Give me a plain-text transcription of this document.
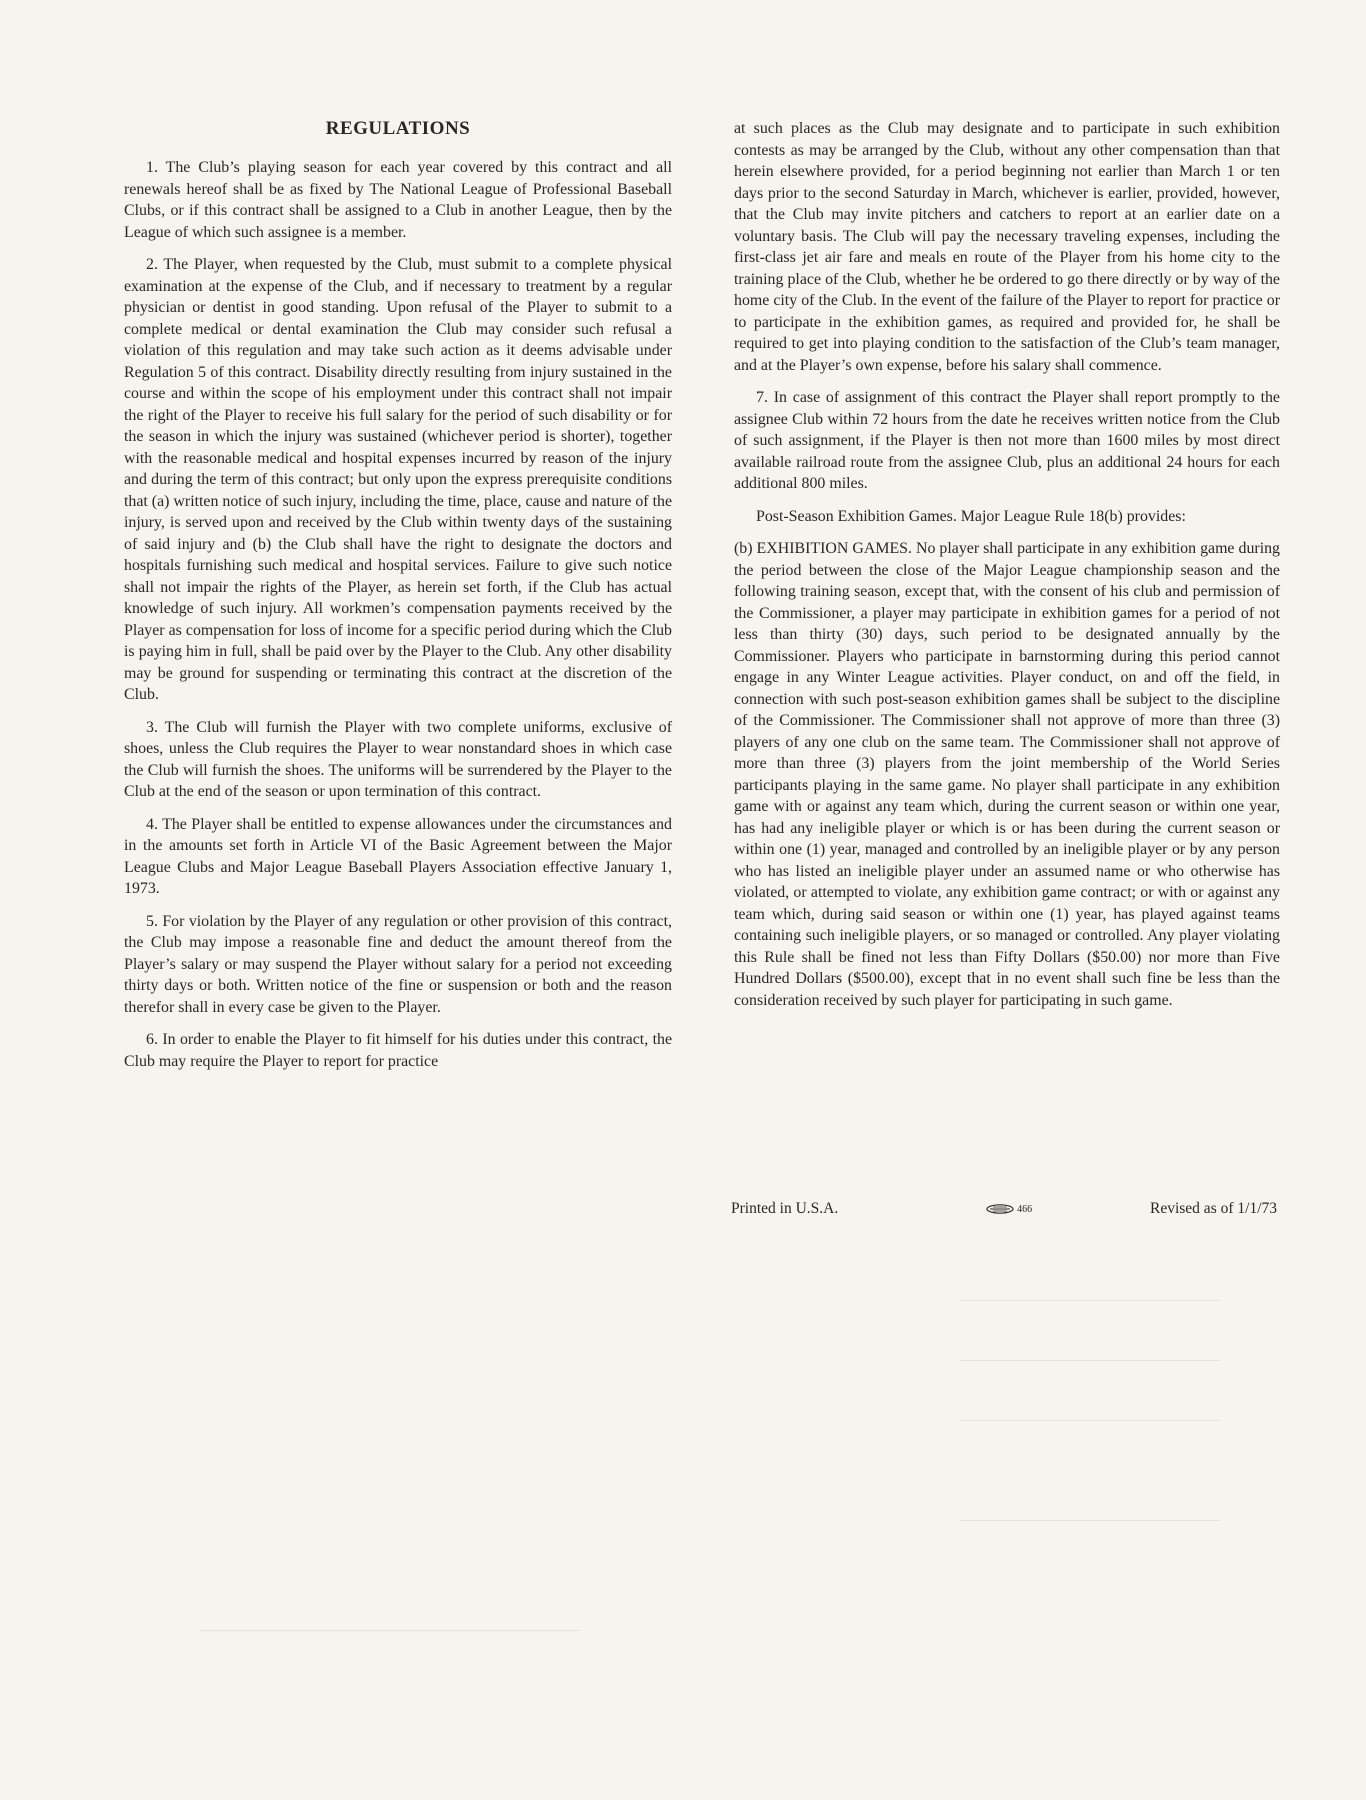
REGULATIONS

1. The Club’s playing season for each year covered by this contract and all renewals hereof shall be as fixed by The National League of Professional Baseball Clubs, or if this contract shall be assigned to a Club in another League, then by the League of which such assignee is a member.

2. The Player, when requested by the Club, must submit to a complete physical examination at the expense of the Club, and if necessary to treatment by a regular physician or dentist in good standing. Upon refusal of the Player to submit to a complete medical or dental examination the Club may consider such refusal a violation of this regulation and may take such action as it deems advisable under Regulation 5 of this contract. Disability directly resulting from injury sustained in the course and within the scope of his employment under this contract shall not impair the right of the Player to receive his full salary for the period of such disability or for the season in which the injury was sustained (whichever period is shorter), together with the reasonable medical and hospital expenses incurred by reason of the injury and during the term of this contract; but only upon the express prerequisite conditions that (a) written notice of such injury, including the time, place, cause and nature of the injury, is served upon and received by the Club within twenty days of the sustaining of said injury and (b) the Club shall have the right to designate the doctors and hospitals furnishing such medical and hospital services. Failure to give such notice shall not impair the rights of the Player, as herein set forth, if the Club has actual knowledge of such injury. All workmen’s compensation payments received by the Player as compensation for loss of income for a specific period during which the Club is paying him in full, shall be paid over by the Player to the Club. Any other disability may be ground for suspending or terminating this contract at the discretion of the Club.

3. The Club will furnish the Player with two complete uniforms, exclusive of shoes, unless the Club requires the Player to wear nonstandard shoes in which case the Club will furnish the shoes. The uniforms will be surrendered by the Player to the Club at the end of the season or upon termination of this contract.

4. The Player shall be entitled to expense allowances under the circumstances and in the amounts set forth in Article VI of the Basic Agreement between the Major League Clubs and Major League Baseball Players Association effective January 1, 1973.

5. For violation by the Player of any regulation or other provision of this contract, the Club may impose a reasonable fine and deduct the amount thereof from the Player’s salary or may suspend the Player without salary for a period not exceeding thirty days or both. Written notice of the fine or suspension or both and the reason therefor shall in every case be given to the Player.

6. In order to enable the Player to fit himself for his duties under this contract, the Club may require the Player to report for practice

at such places as the Club may designate and to participate in such exhibition contests as may be arranged by the Club, without any other compensation than that herein elsewhere provided, for a period beginning not earlier than March 1 or ten days prior to the second Saturday in March, whichever is earlier, provided, however, that the Club may invite pitchers and catchers to report at an earlier date on a voluntary basis. The Club will pay the necessary traveling expenses, including the first-class jet air fare and meals en route of the Player from his home city to the training place of the Club, whether he be ordered to go there directly or by way of the home city of the Club. In the event of the failure of the Player to report for practice or to participate in the exhibition games, as required and provided for, he shall be required to get into playing condition to the satisfaction of the Club’s team manager, and at the Player’s own expense, before his salary shall commence.

7. In case of assignment of this contract the Player shall report promptly to the assignee Club within 72 hours from the date he receives written notice from the Club of such assignment, if the Player is then not more than 1600 miles by most direct available railroad route from the assignee Club, plus an additional 24 hours for each additional 800 miles.

Post-Season Exhibition Games. Major League Rule 18(b) provides:

(b) EXHIBITION GAMES. No player shall participate in any exhibition game during the period between the close of the Major League championship season and the following training season, except that, with the consent of his club and permission of the Commissioner, a player may participate in exhibition games for a period of not less than thirty (30) days, such period to be designated annually by the Commissioner. Players who participate in barnstorming during this period cannot engage in any Winter League activities. Player conduct, on and off the field, in connection with such post-season exhibition games shall be subject to the discipline of the Commissioner. The Commissioner shall not approve of more than three (3) players of any one club on the same team. The Commissioner shall not approve of more than three (3) players from the joint membership of the World Series participants playing in the same game. No player shall participate in any exhibition game with or against any team which, during the current season or within one year, has had any ineligible player or which is or has been during the current season or within one (1) year, managed and controlled by an ineligible player or by any person who has listed an ineligible player under an assumed name or who otherwise has violated, or attempted to violate, any exhibition game contract; or with or against any team which, during said season or within one (1) year, has played against teams containing such ineligible players, or so managed or controlled. Any player violating this Rule shall be fined not less than Fifty Dollars ($50.00) nor more than Five Hundred Dollars ($500.00), except that in no event shall such fine be less than the consideration received by such player for participating in such game.

Printed in U.S.A.	466	Revised as of 1/1/73
